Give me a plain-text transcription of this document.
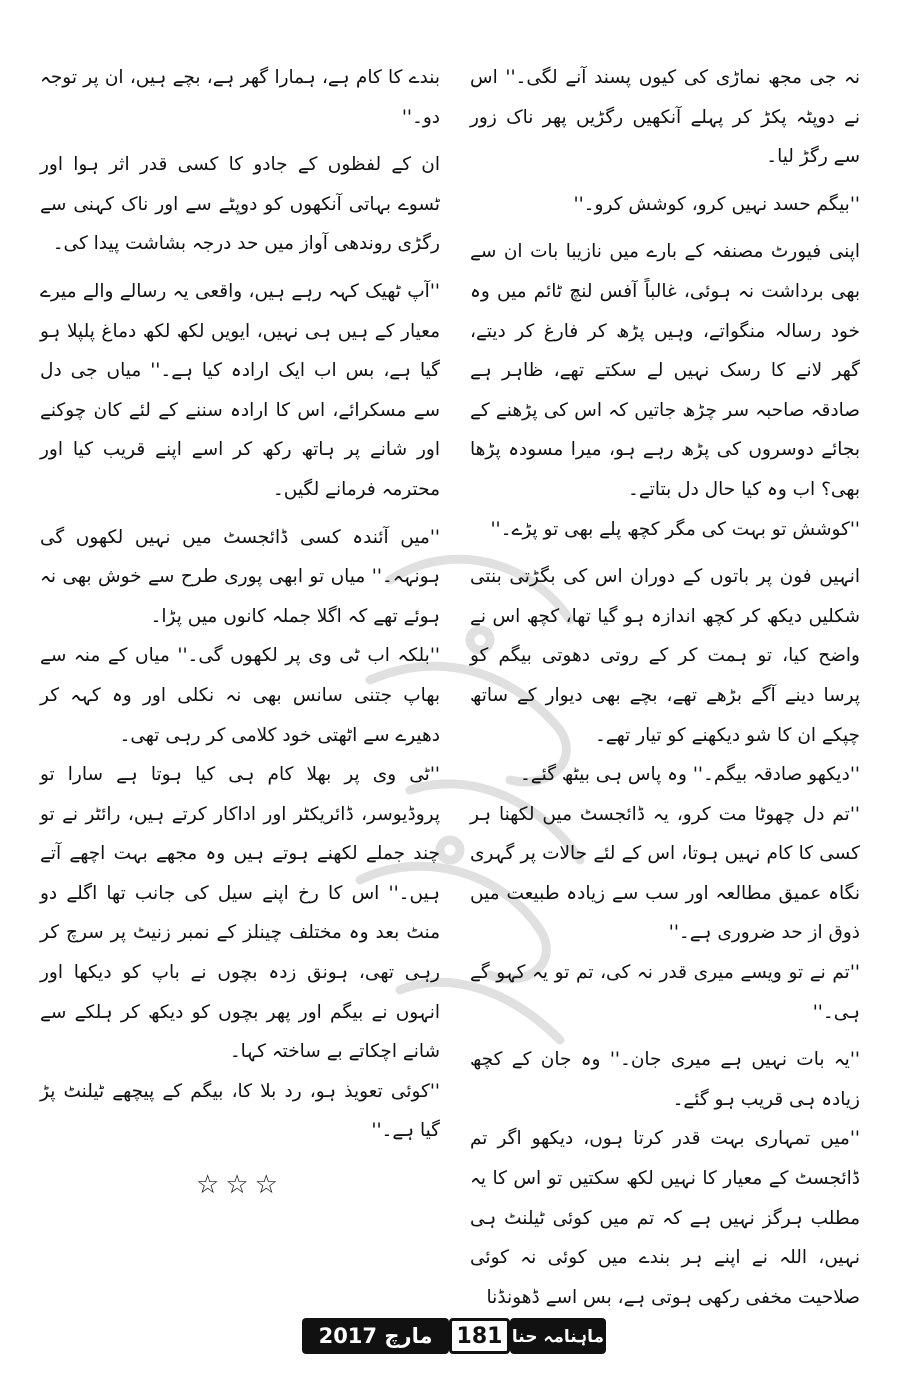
نہ جی مجھ نماڑی کی کیوں پسند آنے لگی۔'' اس نے دوپٹہ پکڑ کر پہلے آنکھیں رگڑیں پھر ناک زور سے رگڑ لیا۔

''بیگم حسد نہیں کرو، کوشش کرو۔''

اپنی فیورٹ مصنفہ کے بارے میں نازیبا بات ان سے بھی برداشت نہ ہوئی، غالباً آفس لنچ ٹائم میں وہ خود رسالہ منگواتے، وہیں پڑھ کر فارغ کر دیتے، گھر لانے کا رسک نہیں لے سکتے تھے، ظاہر ہے صادقہ صاحبہ سر چڑھ جاتیں کہ اس کی پڑھنے کے بجائے دوسروں کی پڑھ رہے ہو، میرا مسودہ پڑھا بھی؟ اب وہ کیا حال دل بتاتے۔

''کوشش تو بہت کی مگر کچھ پلے بھی تو پڑے۔''

انہیں فون پر باتوں کے دوران اس کی بگڑتی بنتی شکلیں دیکھ کر کچھ اندازہ ہو گیا تھا، کچھ اس نے واضح کیا، تو ہمت کر کے روتی دھوتی بیگم کو پرسا دینے آگے بڑھے تھے، بچے بھی دیوار کے ساتھ چپکے ان کا شو دیکھنے کو تیار تھے۔

''دیکھو صادقہ بیگم۔'' وہ پاس ہی بیٹھ گئے۔

''تم دل چھوٹا مت کرو، یہ ڈائجسٹ میں لکھنا ہر کسی کا کام نہیں ہوتا، اس کے لئے حالات پر گہری نگاہ عمیق مطالعہ اور سب سے زیادہ طبیعت میں ذوق از حد ضروری ہے۔''

''تم نے تو ویسے میری قدر نہ کی، تم تو یہ کہو گے ہی۔''

''یہ بات نہیں ہے میری جان۔'' وہ جان کے کچھ زیادہ ہی قریب ہو گئے۔

''میں تمہاری بہت قدر کرتا ہوں، دیکھو اگر تم ڈائجسٹ کے معیار کا نہیں لکھ سکتیں تو اس کا یہ مطلب ہرگز نہیں ہے کہ تم میں کوئی ٹیلنٹ ہی نہیں، اللہ نے اپنے ہر بندے میں کوئی نہ کوئی صلاحیت مخفی رکھی ہوتی ہے، بس اسے ڈھونڈنا

بندے کا کام ہے، ہمارا گھر ہے، بچے ہیں، ان پر توجہ دو۔''

ان کے لفظوں کے جادو کا کسی قدر اثر ہوا اور ٹسوے بہاتی آنکھوں کو دوپٹے سے اور ناک کہنی سے رگڑی روندھی آواز میں حد درجہ بشاشت پیدا کی۔

''آپ ٹھیک کہہ رہے ہیں، واقعی یہ رسالے والے میرے معیار کے ہیں ہی نہیں، ایویں لکھ لکھ دماغ پلپلا ہو گیا ہے، بس اب ایک ارادہ کیا ہے۔'' میاں جی دل سے مسکرائے، اس کا ارادہ سننے کے لئے کان چوکنے اور شانے پر ہاتھ رکھ کر اسے اپنے قریب کیا اور محترمہ فرمانے لگیں۔

''میں آئندہ کسی ڈائجسٹ میں نہیں لکھوں گی ہونہہ۔'' میاں تو ابھی پوری طرح سے خوش بھی نہ ہوئے تھے کہ اگلا جملہ کانوں میں پڑا۔

''بلکہ اب ٹی وی پر لکھوں گی۔'' میاں کے منہ سے بھاپ جتنی سانس بھی نہ نکلی اور وہ کہہ کر دھیرے سے اٹھتی خود کلامی کر رہی تھی۔

''ٹی وی پر بھلا کام ہی کیا ہوتا ہے سارا تو پروڈیوسر، ڈائریکٹر اور اداکار کرتے ہیں، رائٹر نے تو چند جملے لکھنے ہوتے ہیں وہ مجھے بہت اچھے آتے ہیں۔'' اس کا رخ اپنے سیل کی جانب تھا اگلے دو منٹ بعد وہ مختلف چینلز کے نمبر زنیٹ پر سرچ کر رہی تھی، ہونق زدہ بچوں نے باپ کو دیکھا اور انہوں نے بیگم اور پھر بچوں کو دیکھ کر ہلکے سے شانے اچکاتے بے ساختہ کہا۔

''کوئی تعویذ ہو، رد بلا کا، بیگم کے پیچھے ٹیلنٹ پڑ گیا ہے۔''

☆☆☆
مارچ 2017	181 ماہنامہ حنا
